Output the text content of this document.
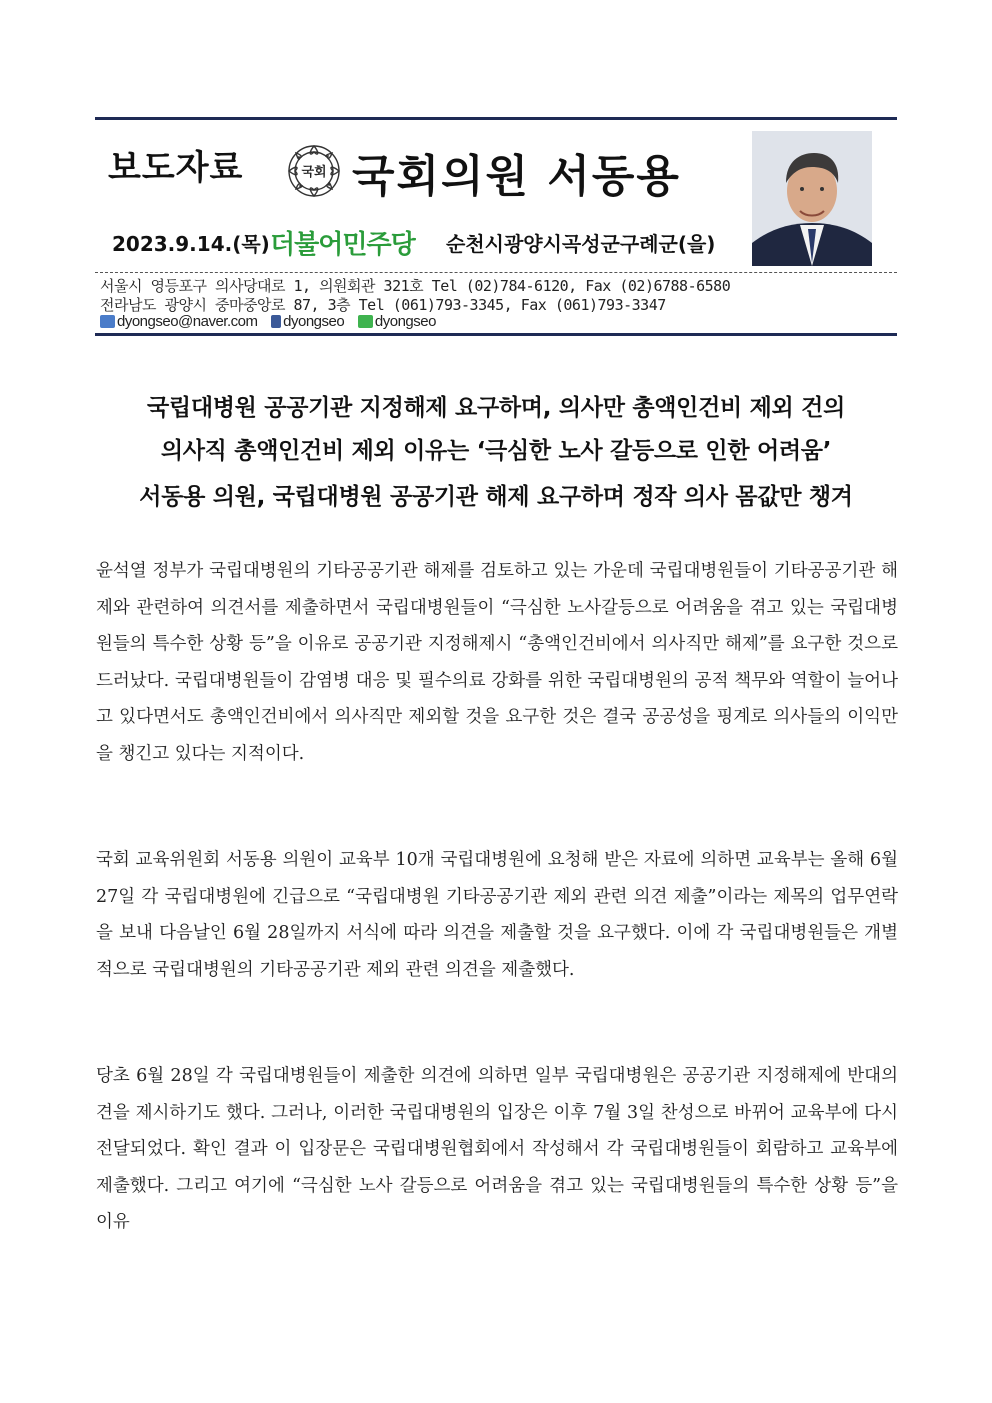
보도자료	국회 국회의원 서동용
2023.9.14.(목) 더불어민주당 순천시광양시곡성군구례군(을)
서울시 영등포구 의사당대로 1, 의원회관 321호 Tel (02)784-6120, Fax (02)6788-6580
전라남도 광양시 중마중앙로 87, 3층 Tel (061)793-3345, Fax (061)793-3347
dyongseo@naver.com
dyongseo
dyongseo
국립대병원 공공기관 지정해제 요구하며, 의사만 총액인건비 제외 건의
의사직 총액인건비 제외 이유는 ‘극심한 노사 갈등으로 인한 어려움’
서동용 의원, 국립대병원 공공기관 해제 요구하며 정작 의사 몸값만 챙겨
윤석열 정부가 국립대병원의 기타공공기관 해제를 검토하고 있는 가운데 국립대병원들이 기타공공기관 해제와 관련하여 의견서를 제출하면서 국립대병원들이 “극심한 노사갈등으로 어려움을 겪고 있는 국립대병원들의 특수한 상황 등”을 이유로 공공기관 지정해제시 “총액인건비에서 의사직만 해제”를 요구한 것으로 드러났다. 국립대병원들이 감염병 대응 및 필수의료 강화를 위한 국립대병원의 공적 책무와 역할이 늘어나고 있다면서도 총액인건비에서 의사직만 제외할 것을 요구한 것은 결국 공공성을 핑계로 의사들의 이익만을 챙긴고 있다는 지적이다.
국회 교육위원회 서동용 의원이 교육부 10개 국립대병원에 요청해 받은 자료에 의하면 교육부는 올해 6월 27일 각 국립대병원에 긴급으로 “국립대병원 기타공공기관 제외 관련 의견 제출”이라는 제목의 업무연락을 보내 다음날인 6월 28일까지 서식에 따라 의견을 제출할 것을 요구했다. 이에 각 국립대병원들은 개별적으로 국립대병원의 기타공공기관 제외 관련 의견을 제출했다.
당초 6월 28일 각 국립대병원들이 제출한 의견에 의하면 일부 국립대병원은 공공기관 지정해제에 반대의견을 제시하기도 했다. 그러나, 이러한 국립대병원의 입장은 이후 7월 3일 찬성으로 바뀌어 교육부에 다시 전달되었다. 확인 결과 이 입장문은 국립대병원협회에서 작성해서 각 국립대병원들이 회람하고 교육부에 제출했다. 그리고 여기에 “극심한 노사 갈등으로 어려움을 겪고 있는 국립대병원들의 특수한 상황 등”을 이유
